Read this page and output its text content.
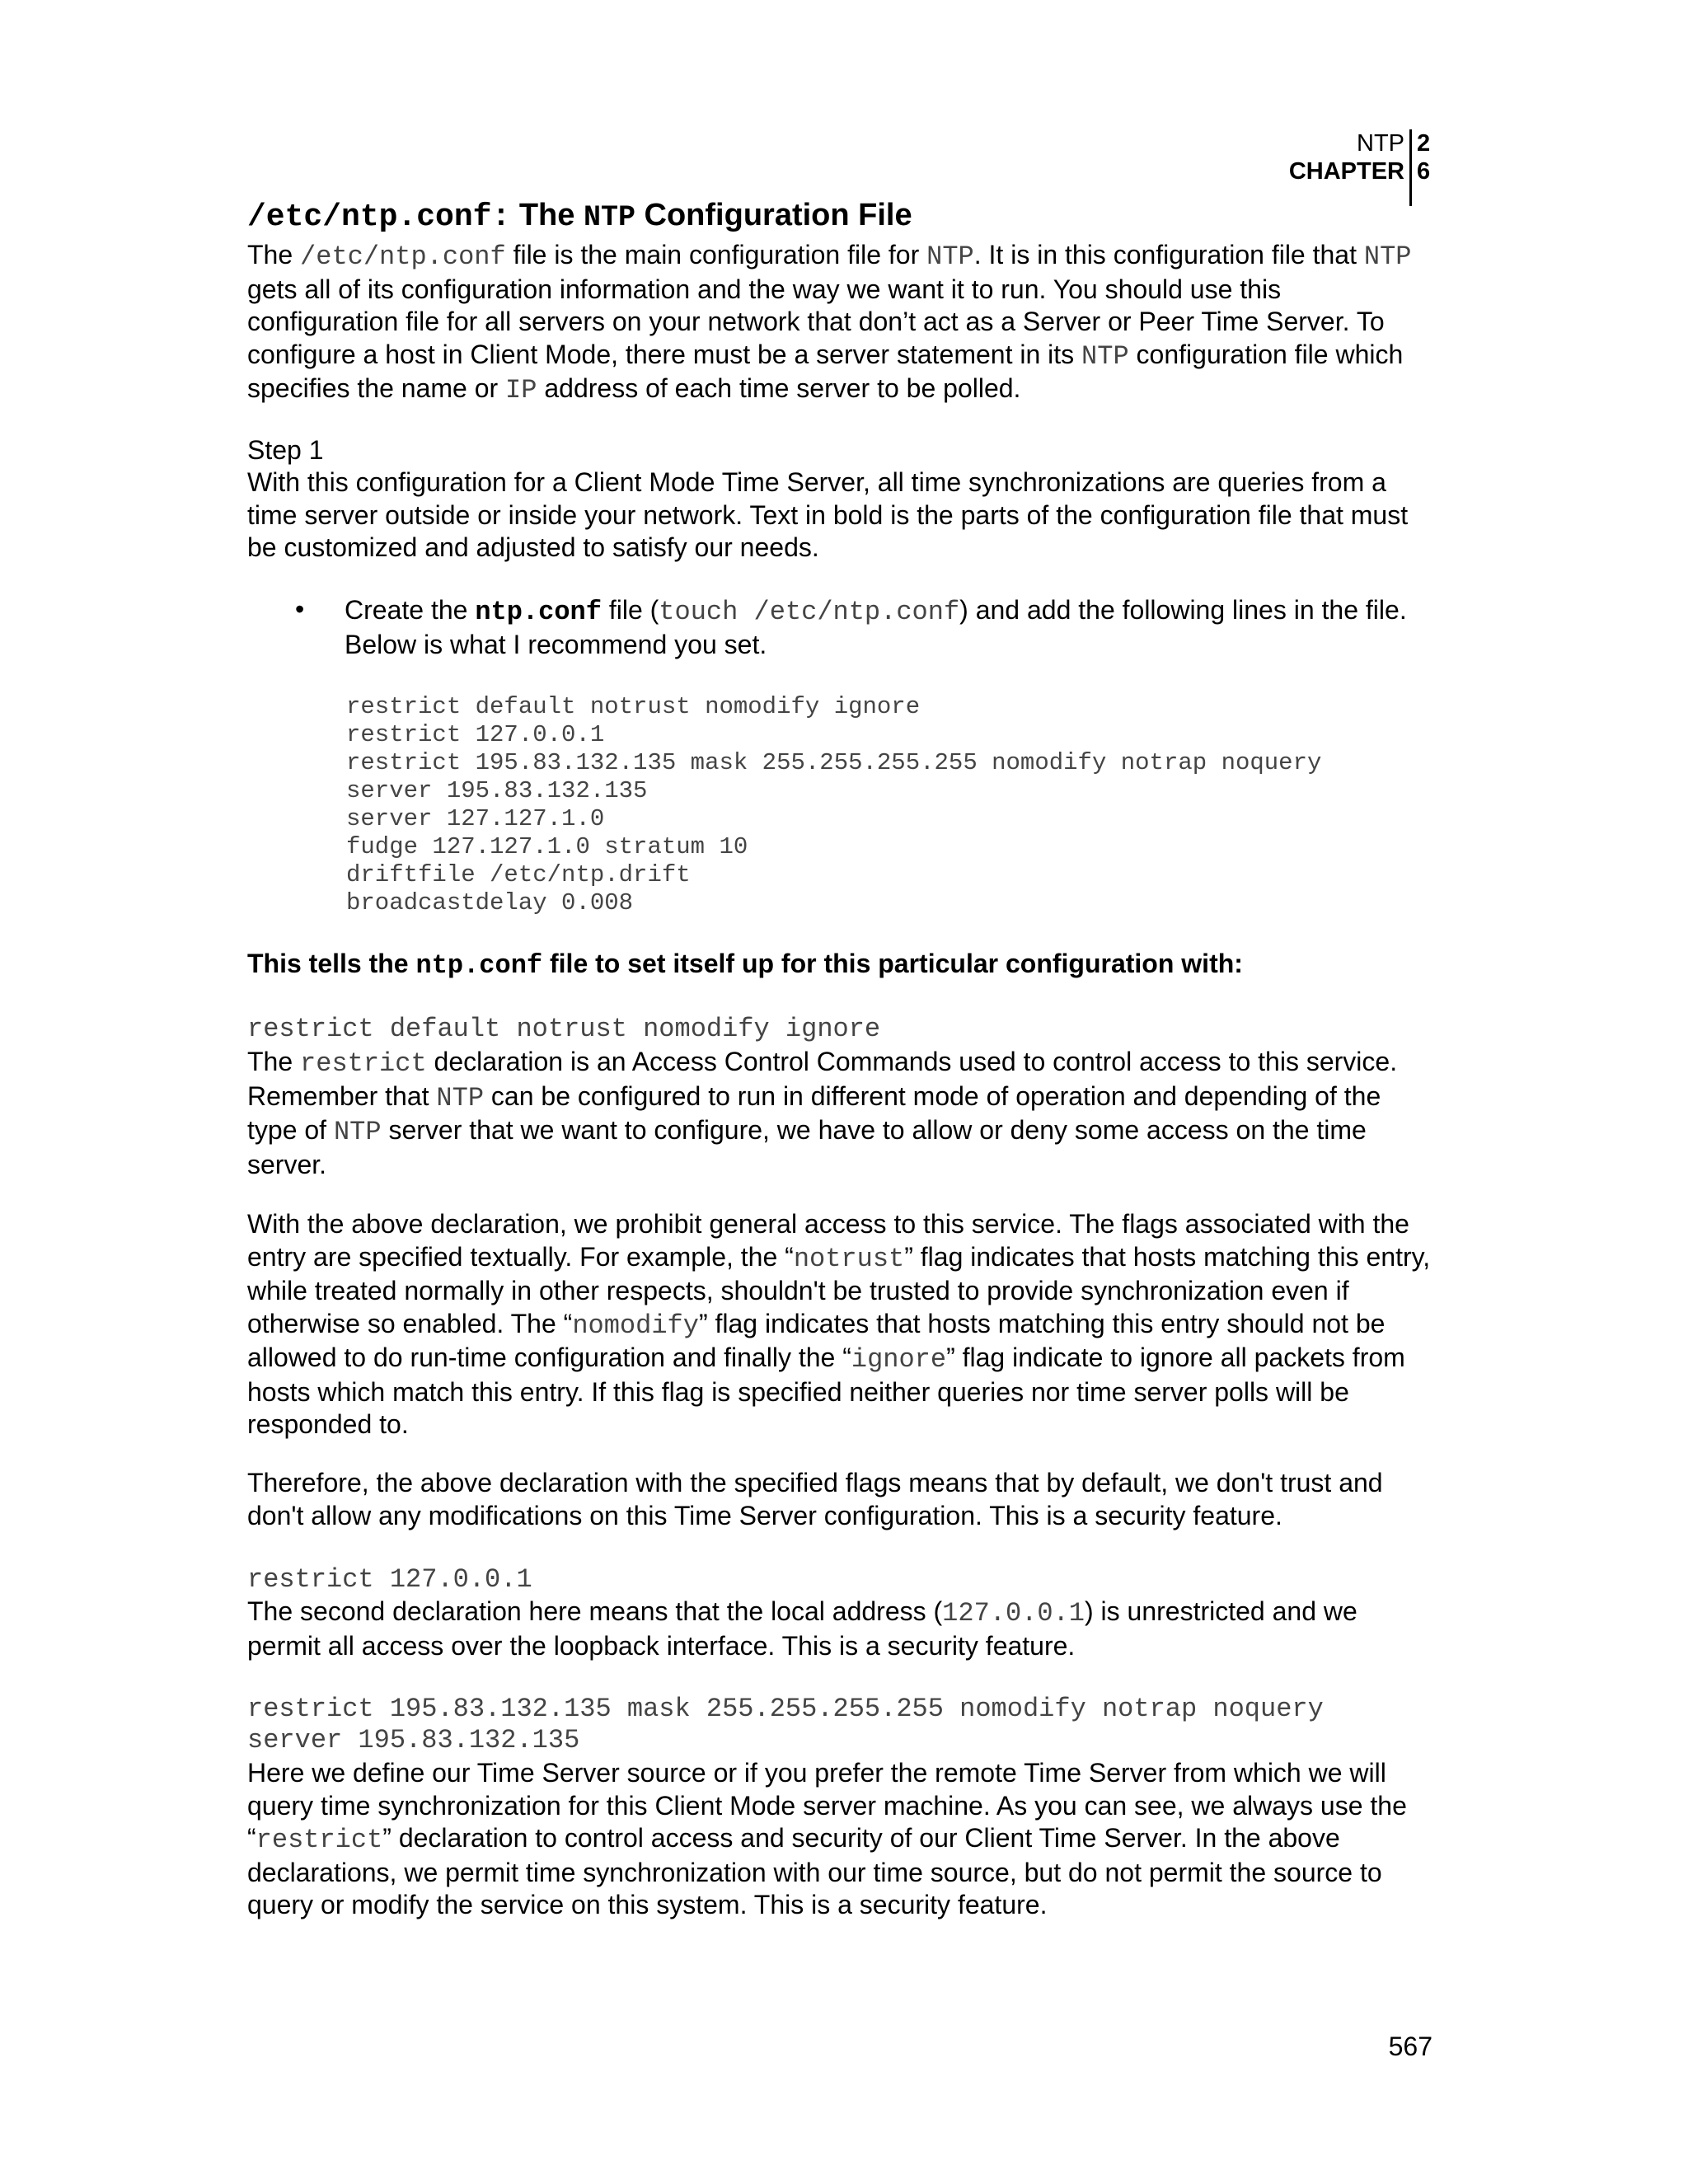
NTP
CHAPTER
2
6
/etc/ntp.conf: The NTP Configuration File
The /etc/ntp.conf file is the main configuration file for NTP. It is in this configuration file that NTP gets all of its configuration information and the way we want it to run. You should use this configuration file for all servers on your network that don’t act as a Server or Peer Time Server. To configure a host in Client Mode, there must be a server statement in its NTP configuration file which specifies the name or IP address of each time server to be polled.
Step 1
With this configuration for a Client Mode Time Server, all time synchronizations are queries from a time server outside or inside your network. Text in bold is the parts of the configuration file that must be customized and adjusted to satisfy our needs.
• Create the ntp.conf file (touch /etc/ntp.conf) and add the following lines in the file. Below is what I recommend you set.
restrict default notrust nomodify ignore
restrict 127.0.0.1
restrict 195.83.132.135 mask 255.255.255.255 nomodify notrap noquery
server 195.83.132.135
server 127.127.1.0
fudge 127.127.1.0 stratum 10
driftfile /etc/ntp.drift
broadcastdelay 0.008
This tells the ntp.conf file to set itself up for this particular configuration with:
restrict default notrust nomodify ignore
The restrict declaration is an Access Control Commands used to control access to this service. Remember that NTP can be configured to run in different mode of operation and depending of the type of NTP server that we want to configure, we have to allow or deny some access on the time server.
With the above declaration, we prohibit general access to this service. The flags associated with the entry are specified textually. For example, the “notrust” flag indicates that hosts matching this entry, while treated normally in other respects, shouldn't be trusted to provide synchronization even if otherwise so enabled. The “nomodify” flag indicates that hosts matching this entry should not be allowed to do run-time configuration and finally the “ignore” flag indicate to ignore all packets from hosts which match this entry. If this flag is specified neither queries nor time server polls will be responded to.
Therefore, the above declaration with the specified flags means that by default, we don't trust and don't allow any modifications on this Time Server configuration. This is a security feature.
restrict 127.0.0.1
The second declaration here means that the local address (127.0.0.1) is unrestricted and we permit all access over the loopback interface. This is a security feature.
restrict 195.83.132.135 mask 255.255.255.255 nomodify notrap noquery
server 195.83.132.135
Here we define our Time Server source or if you prefer the remote Time Server from which we will query time synchronization for this Client Mode server machine. As you can see, we always use the “restrict” declaration to control access and security of our Client Time Server. In the above declarations, we permit time synchronization with our time source, but do not permit the source to query or modify the service on this system. This is a security feature.
567
